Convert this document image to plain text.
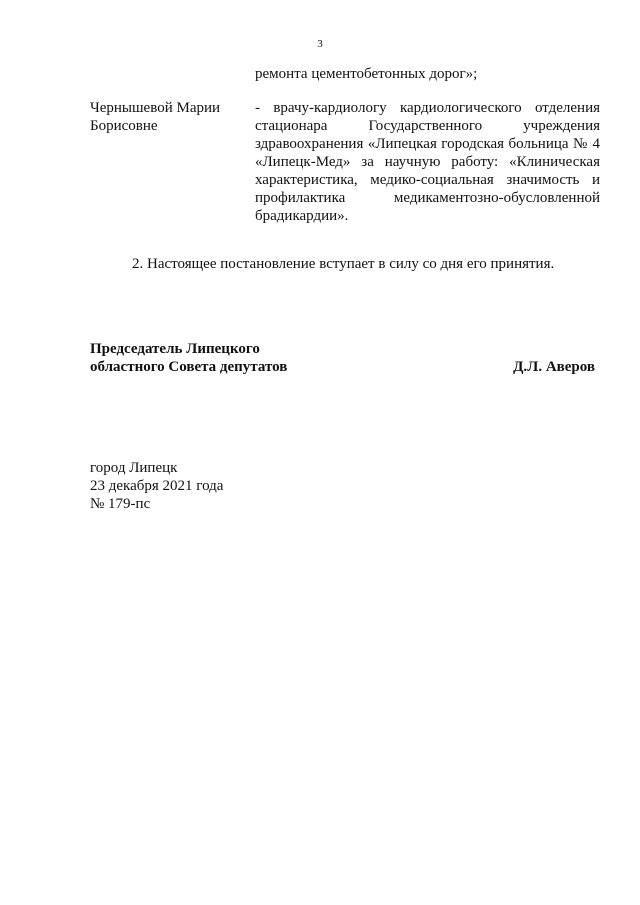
3
ремонта цементобетонных дорог»;
Чернышевой Марии
Борисовне
- врачу-кардиологу кардиологического отделения стационара Государственного учреждения здравоохранения «Липецкая городская больница № 4 «Липецк-Мед» за научную работу: «Клиническая характеристика, медико-социальная значимость и профилактика медикаментозно-обусловленной брадикардии».
2. Настоящее постановление вступает в силу со дня его принятия.
Председатель Липецкого
областного Совета депутатов	Д.Л. Аверов
город Липецк
23 декабря 2021 года
№ 179-пс
